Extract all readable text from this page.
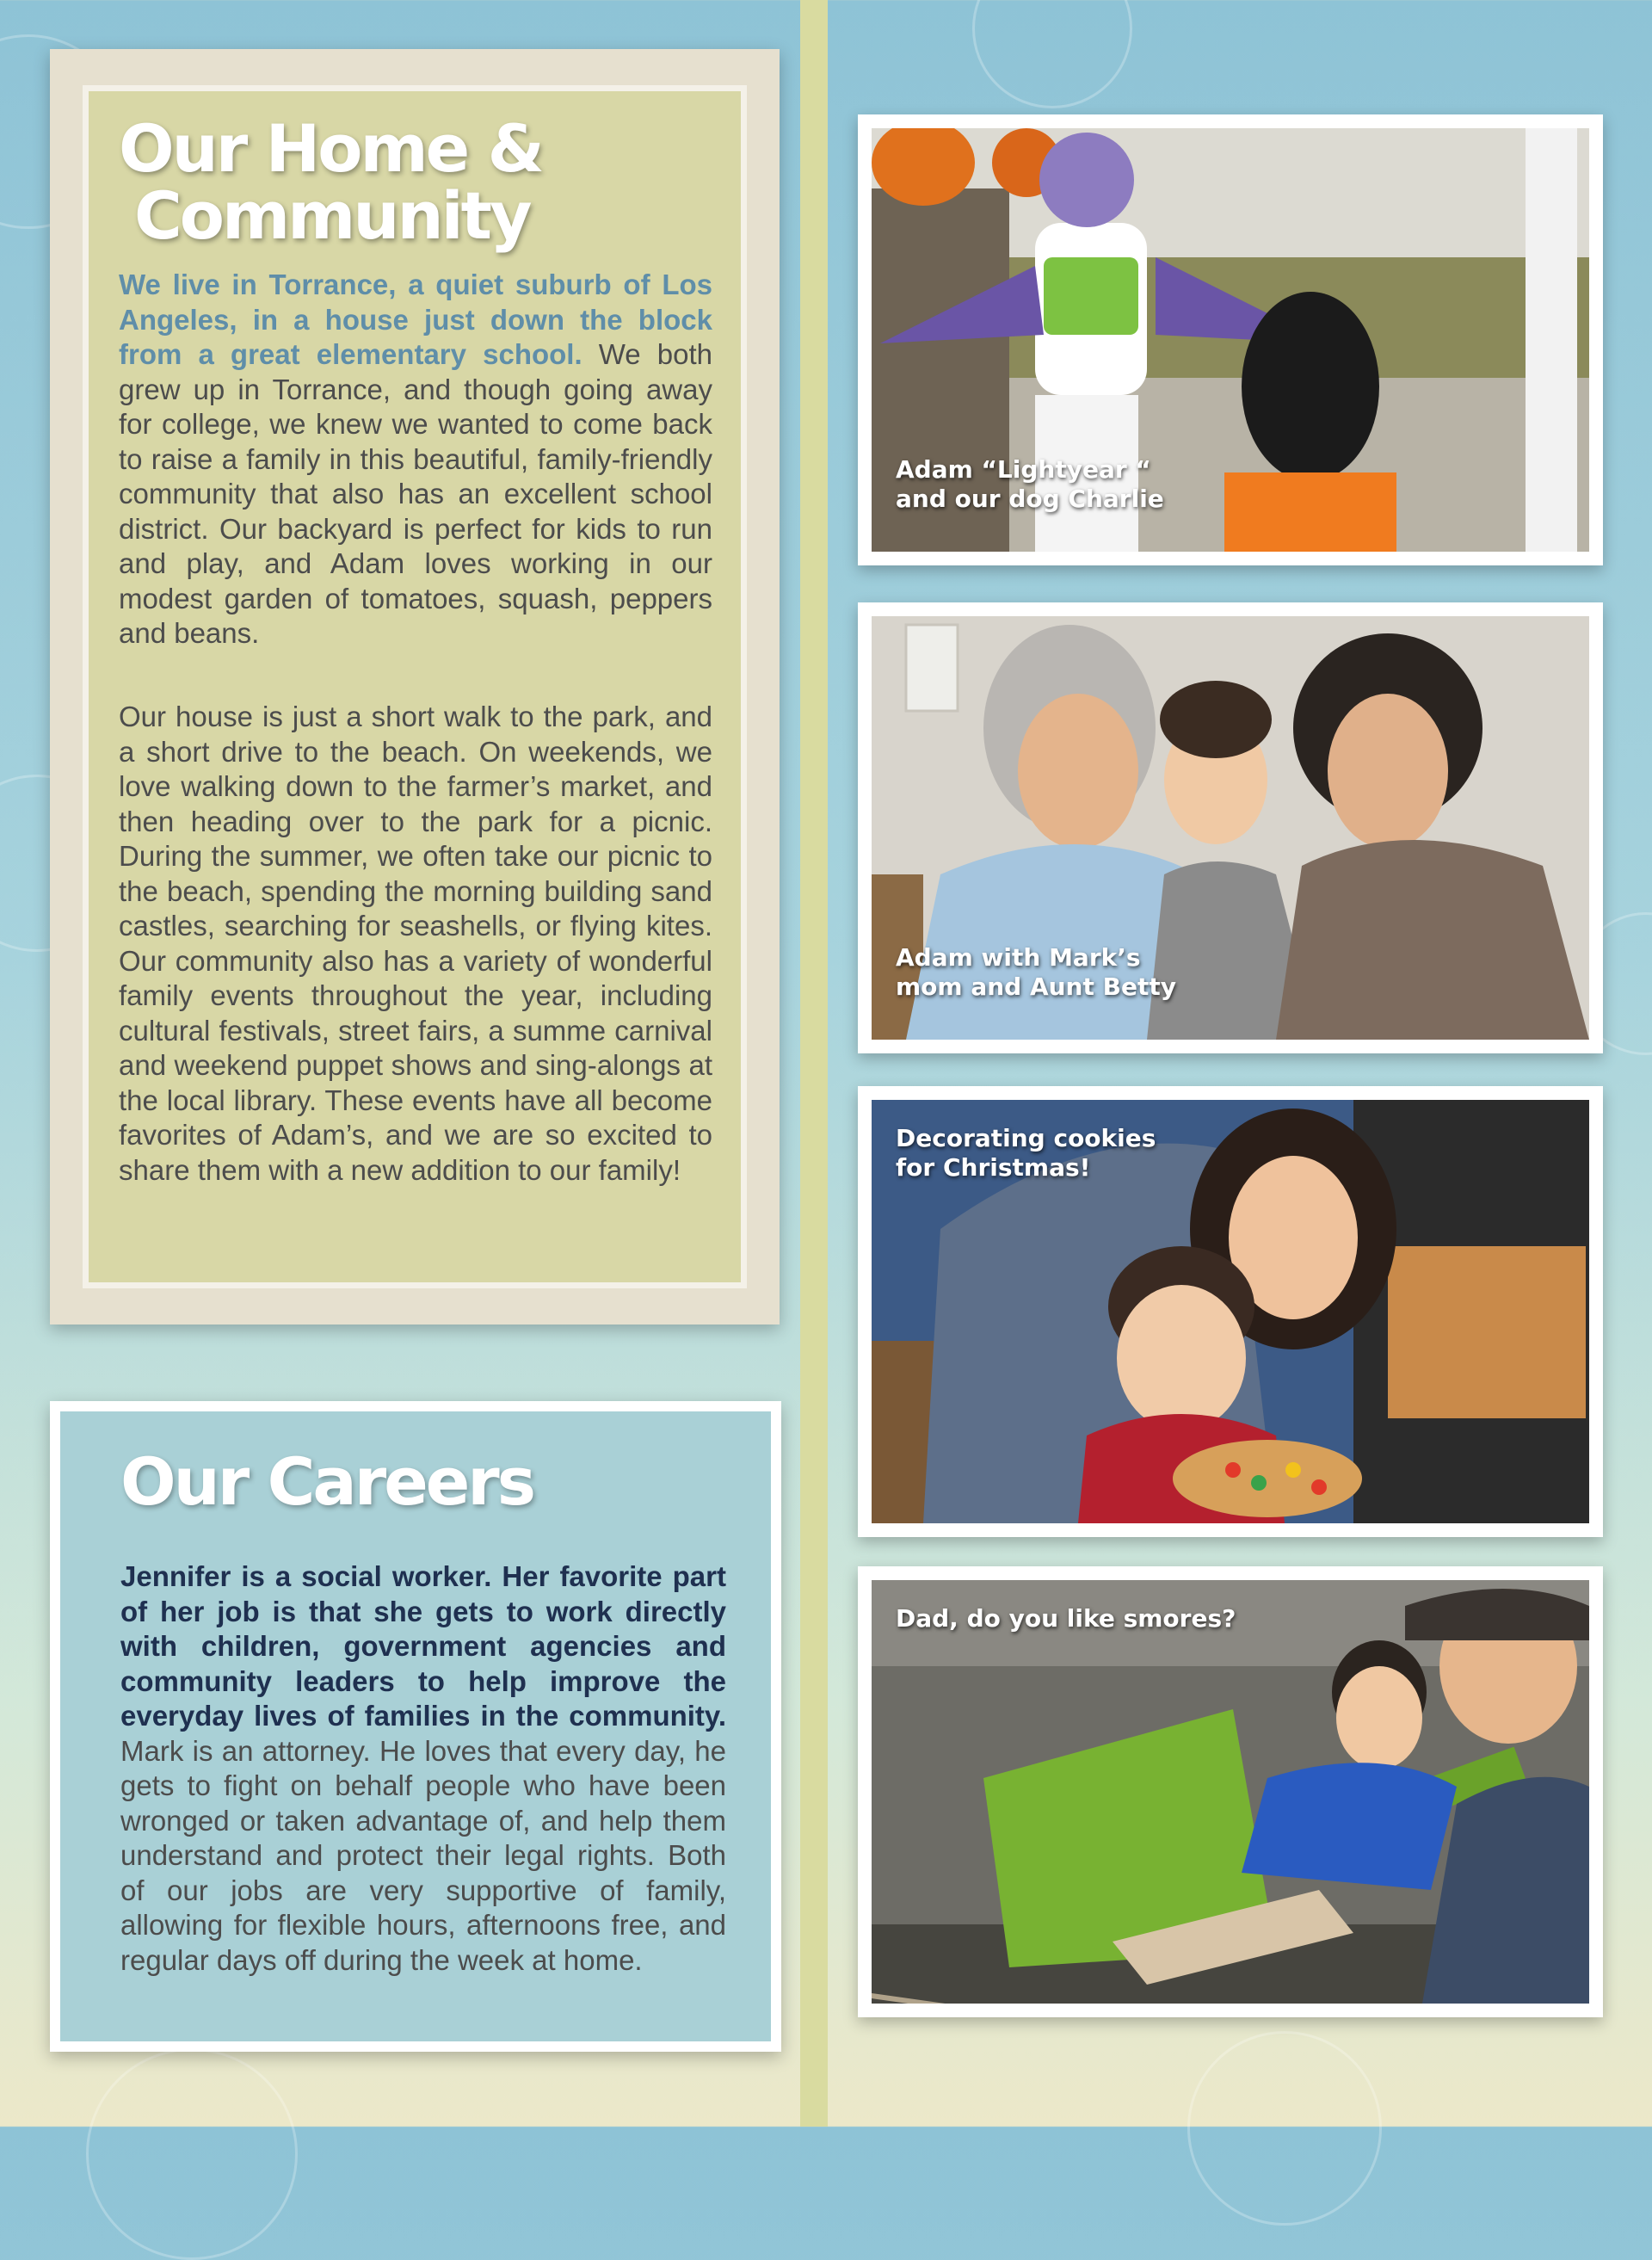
Our Home &
Community

We live in Torrance, a quiet suburb of Los Angeles, in a house just down the block from a great elementary school. We both grew up in Torrance, and though going away for college, we knew we wanted to come back to raise a family in this beautiful, family-friendly community that also has an excellent school district. Our backyard is perfect for kids to run and play, and Adam loves working in our modest garden of tomatoes, squash, peppers and beans.

Our house is just a short walk to the park, and a short drive to the beach. On weekends, we love walking down to the farmer’s market, and then heading over to the park for a picnic. During the summer, we often take our picnic to the beach, spending the morning building sand castles, searching for seashells, or flying kites. Our community also has a variety of wonderful family events throughout the year, including cultural festivals, street fairs, a summe carnival and weekend puppet shows and sing-alongs at the local library. These events have all become favorites of Adam’s, and we are so excited to share them with a new addition to our family!

Our Careers

Jennifer is a social worker. Her favorite part of her job is that she gets to work directly with children, government agencies and community leaders to help improve the everyday lives of families in the community. Mark is an attorney. He loves that every day, he gets to fight on behalf people who have been wronged or taken advantage of, and help them understand and protect their legal rights. Both of our jobs are very supportive of family, allowing for flexible hours, afternoons free, and regular days off during the week at home.

Adam “Lightyear “
and our dog Charlie

Adam with Mark’s
mom and Aunt Betty

Decorating cookies
for Christmas!

Dad, do you like smores?
